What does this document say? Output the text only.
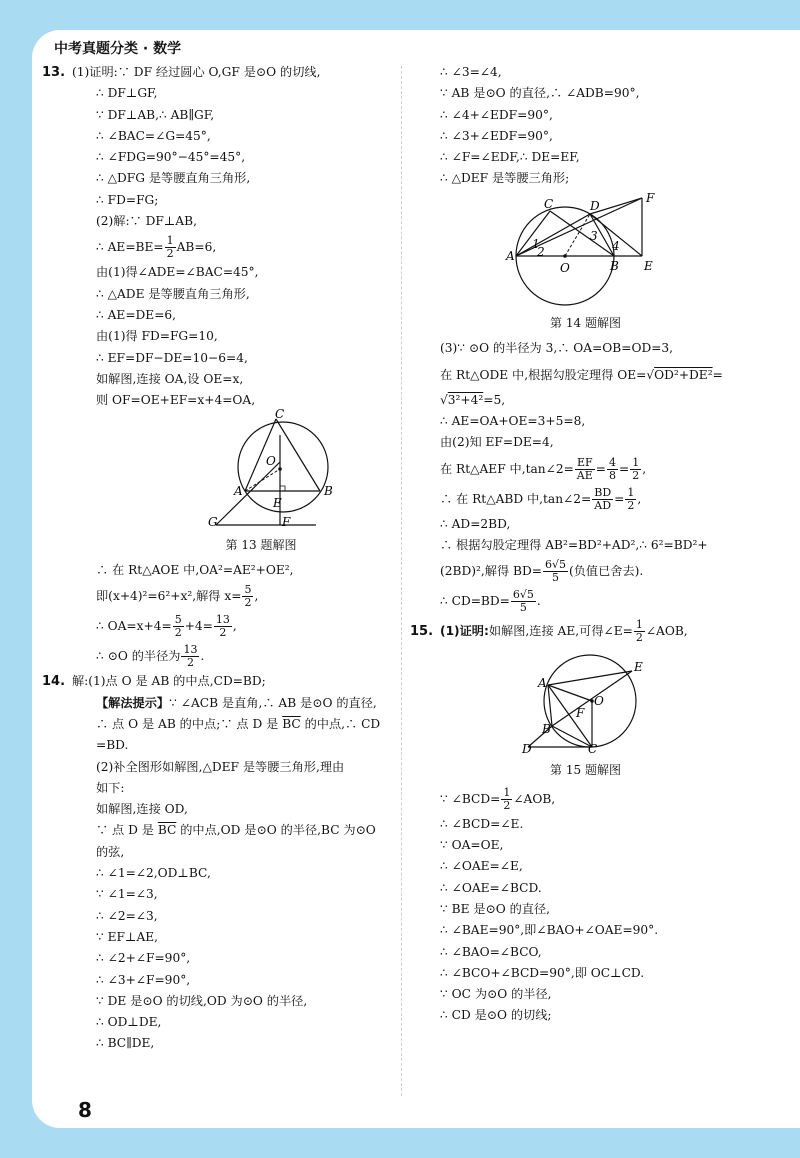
中考真题分类 · 数学
13. (1)证明:∵ DF 经过圆心 O,GF 是⊙O 的切线,
∴ DF⊥GF,
∵ DF⊥AB,∴ AB∥GF,
∴ ∠BAC=∠G=45°,
∴ ∠FDG=90°−45°=45°,
∴ △DFG 是等腰直角三角形,
∴ FD=FG;
(2)解:∵ DF⊥AB,
∴ $AE=BE= \frac{1}{2} AB=6$,
由(1)得∠ADE=∠BAC=45°,
∴ △ADE 是等腰直角三角形,
∴ AE=DE=6,
由(1)得 FD=FG=10,
∴ EF=DF−DE=10−6=4,
如解图,连接 OA,设 OE=x,
则 OF=OE+EF=x+4=OA,
C
O
A
E
B
G	F
第 13 题解图
∴ 在 Rt△AOE 中,OA²=AE²+OE²,
即(x+4)²=6²+x²,解得 $x= \frac{5}{2}$ ,
∴ $OA=x+4= \frac{5}{2} +4= \frac{13}{2}$ ,
∴ ⊙O 的半径为 $\frac{13}{2}$ .
14. 解:(1)点 O 是 AB 的中点,CD=BD;
【解法提示】∵ ∠ACB 是直角,∴ AB 是⊙O 的直径,
∴ 点 O 是 AB 的中点;∵ 点 D 是 $\overline{BC}$ 的中点,∴ CD
=BD.
(2)补全图形如解图,△DEF 是等腰三角形,理由
如下:
如解图,连接 OD,
∵ 点 D 是 $\overline{BC}$ 的中点,OD 是⊙O 的半径,BC 为⊙O
的弦,
∴ ∠1=∠2,OD⊥BC,
∵ ∠1=∠3,
∴ ∠2=∠3,
∵ EF⊥AE,
∴ ∠2+∠F=90°,
∴ ∠3+∠F=90°,
∵ DE 是⊙O 的切线,OD 为⊙O 的半径,
∴ OD⊥DE,
∴ BC∥DE,
∴ ∠3=∠4,
∵ AB 是⊙O 的直径,∴ ∠ADB=90°,
∴ ∠4+∠EDF=90°,
∴ ∠3+∠EDF=90°,
∴ ∠F=∠EDF,∴ DE=EF,
∴ △DEF 是等腰三角形;
C	D
F
A
O	B E
1
2
3
4
第 14 题解图
(3)∵ ⊙O 的半径为 3,∴ OA=OB=OD=3,
在 Rt△ODE 中,根据勾股定理得 OE=√OD²+DE²=
√3²+4²=5,
∴ AE=OA+OE=3+5=8,
由(2)知 EF=DE=4,
在 Rt△AEF 中,tan∠2= $\frac{EF}{AE} = \frac{4}{8} = \frac{1}{2}$ ,
∴ 在 Rt△ABD 中,tan∠2= $\frac{BD}{AD} = \frac{1}{2}$ ,
∴ AD=2BD,
∴ 根据勾股定理得 AB²=BD²+AD²,∴ 6²=BD²+
(2BD)²,解得 $BD= \frac{6√5}{5}$ (负值已舍去).
∴ $CD=BD= \frac{6√5}{5}$ .
15. (1)证明:如解图,连接 AE,可得∠E= $\frac{1}{2}$ ∠AOB,
A
E
O
F
B
D	C
第 15 题解图
∵ ∠BCD= $\frac{1}{2}$ ∠AOB,
∴ ∠BCD=∠E.
∵ OA=OE,
∴ ∠OAE=∠E,
∴ ∠OAE=∠BCD.
∵ BE 是⊙O 的直径,
∴ ∠BAE=90°,即∠BAO+∠OAE=90°.
∴ ∠BAO=∠BCO,
∴ ∠BCO+∠BCD=90°,即 OC⊥CD.
∵ OC 为⊙O 的半径,
∴ CD 是⊙O 的切线;
8
